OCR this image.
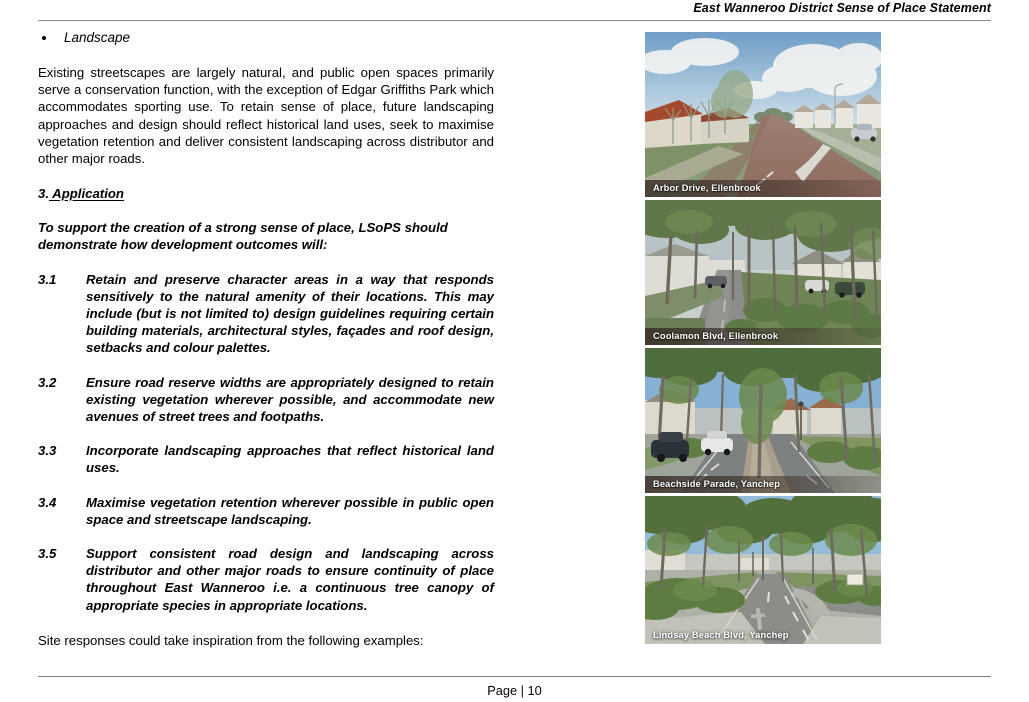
East Wanneroo District Sense of Place Statement
Landscape

Existing streetscapes are largely natural, and public open spaces primarily serve a conservation function, with the exception of Edgar Griffiths Park which accommodates sporting use. To retain sense of place, future landscaping approaches and design should reflect historical land uses, seek to maximise vegetation retention and deliver consistent landscaping across distributor and other major roads.

3. Application
To support the creation of a strong sense of place, LSoPS should demonstrate how development outcomes will:
3.1 Retain and preserve character areas in a way that responds sensitively to the natural amenity of their locations. This may include (but is not limited to) design guidelines requiring certain building materials, architectural styles, façades and roof design, setbacks and colour palettes.
3.2 Ensure road reserve widths are appropriately designed to retain existing vegetation wherever possible, and accommodate new avenues of street trees and footpaths.
3.3 Incorporate landscaping approaches that reflect historical land uses.
3.4 Maximise vegetation retention wherever possible in public open space and streetscape landscaping.
3.5 Support consistent road design and landscaping across distributor and other major roads to ensure continuity of place throughout East Wanneroo i.e. a continuous tree canopy of appropriate species in appropriate locations.
Site responses could take inspiration from the following examples:
Arbor Drive, Ellenbrook
Coolamon Blvd, Ellenbrook
Beachside Parade, Yanchep
Lindsay Beach Blvd, Yanchep
Page | 10
